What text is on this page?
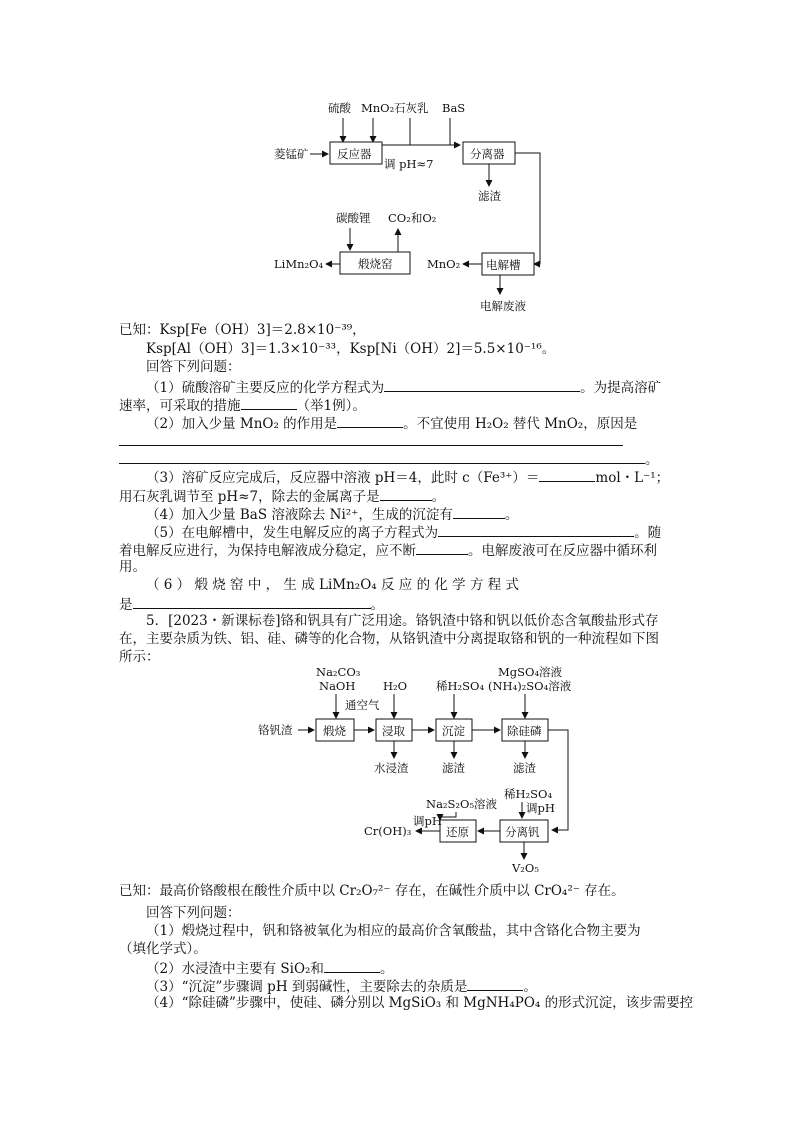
硫酸 MnO₂ 石灰乳 BaS
菱锰矿 反应器
调 pH≈7
分离器
滤渣
碳酸锂 CO₂和O₂
煅烧窑
LiMn₂O₄	MnO₂ 电解槽
电解废液
已知：Ksp[Fe（OH）3]＝2.8×10⁻³⁹，
Ksp[Al（OH）3]＝1.3×10⁻³³，Ksp[Ni（OH）2]＝5.5×10⁻¹⁶。
回答下列问题：
（1）硫酸溶矿主要反应的化学方程式为	。为提高溶矿
速率，可采取的措施	（举1例）。
（2）加入少量 MnO₂ 的作用是	。不宜使用 H₂O₂ 替代 MnO₂，原因是
。
（3）溶矿反应完成后，反应器中溶液 pH＝4，此时 c（Fe³⁺）＝	mol・L⁻¹；
用石灰乳调节至 pH≈7，除去的金属离子是	。
（4）加入少量 BaS 溶液除去 Ni²⁺，生成的沉淀有	。
（5）在电解槽中，发生电解反应的离子方程式为	。随
着电解反应进行，为保持电解液成分稳定，应不断	。电解废液可在反应器中循环利
用。
（ 6 ） 煅 烧 窑 中 ， 生 成 LiMn₂O₄ 反 应 的 化 学 方 程 式
是	。
5．[2023・新课标卷]铬和钒具有广泛用途。铬钒渣中铬和钒以低价态含氧酸盐形式存
在，主要杂质为铁、铝、硅、磷等的化合物，从铬钒渣中分离提取铬和钒的一种流程如下图
所示：
Na₂CO₃
NaOH
通空气
H₂O	稀H₂SO₄
MgSO₄溶液
(NH₄)₂SO₄溶液
铬钒渣	煅烧	浸取	沉淀	除硅磷
水浸渣	滤渣	滤渣
Na₂S₂O₅溶液
稀H₂SO₄
调pH
分离钒
还原
调pH
Cr(OH)₃
V₂O₅
已知：最高价铬酸根在酸性介质中以 Cr₂O₇²⁻ 存在，在碱性介质中以 CrO₄²⁻ 存在。
回答下列问题：
（1）煅烧过程中，钒和铬被氧化为相应的最高价含氧酸盐，其中含铬化合物主要为
（填化学式）。
（2）水浸渣中主要有 SiO₂和	。
（3）“沉淀”步骤调 pH 到弱碱性，主要除去的杂质是	。
（4）“除硅磷”步骤中，使硅、磷分别以 MgSiO₃ 和 MgNH₄PO₄ 的形式沉淀，该步需要控
